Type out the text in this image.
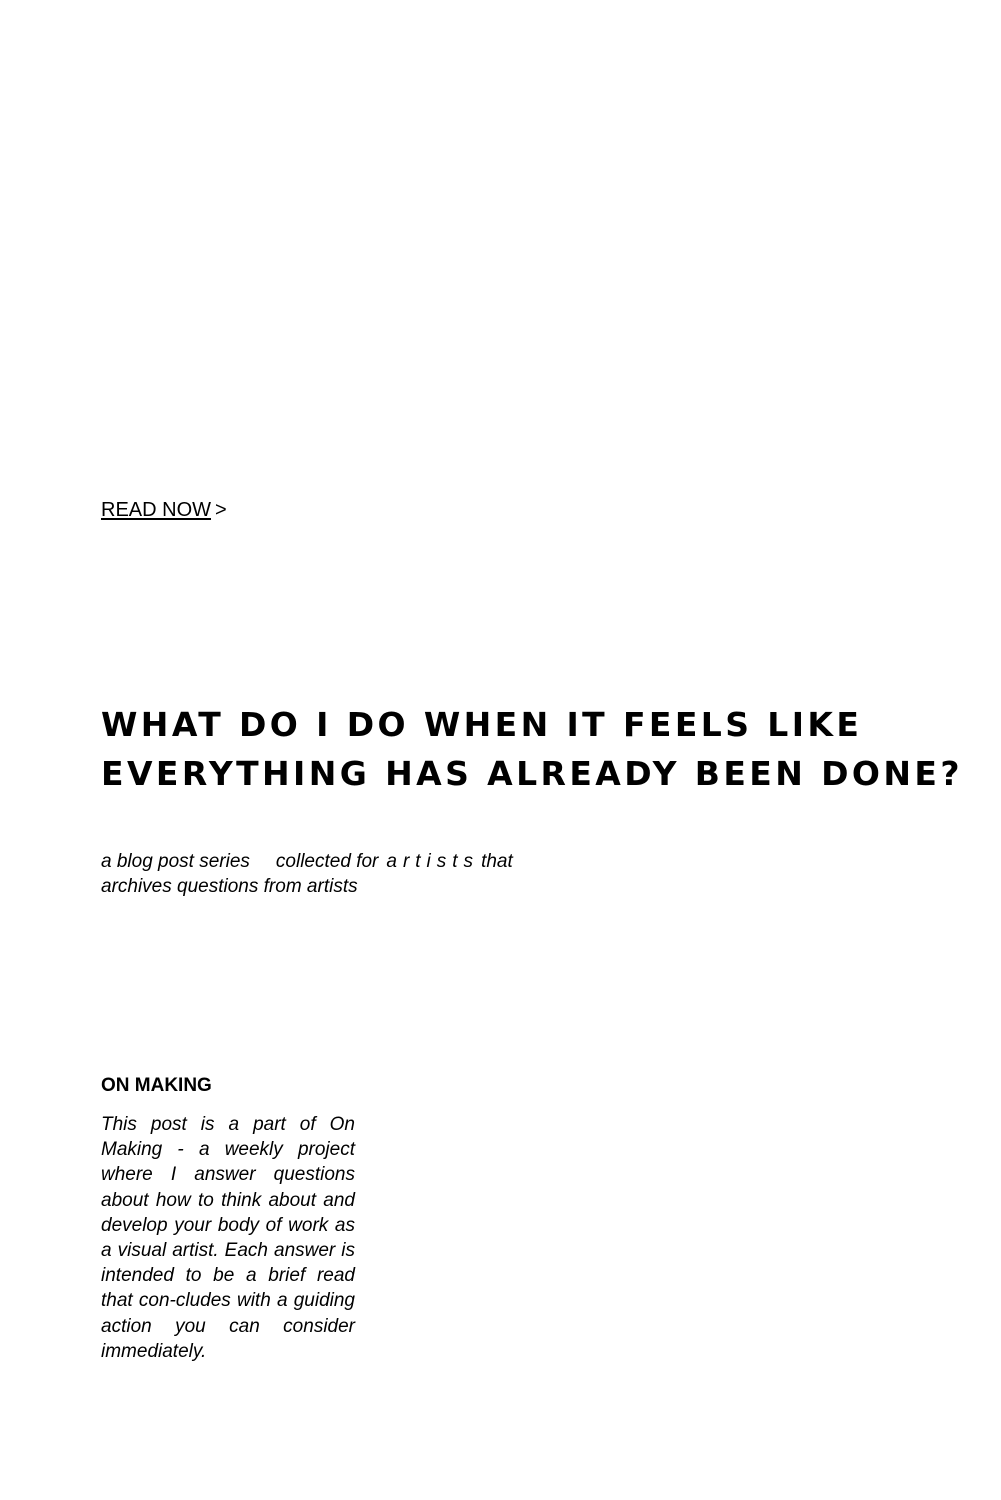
READ NOW >
WHAT DO I DO WHEN IT FEELS LIKE
EVERYTHING HAS ALREADY BEEN DONE?
a blog post series collected for artists that
archives questions from artists
ON MAKING

This post is a part of On Making - a weekly project where I answer questions about how to think about and develop your body of work as a visual artist. Each answer is intended to be a brief read that con-cludes with a guiding action you can consider immediately.
